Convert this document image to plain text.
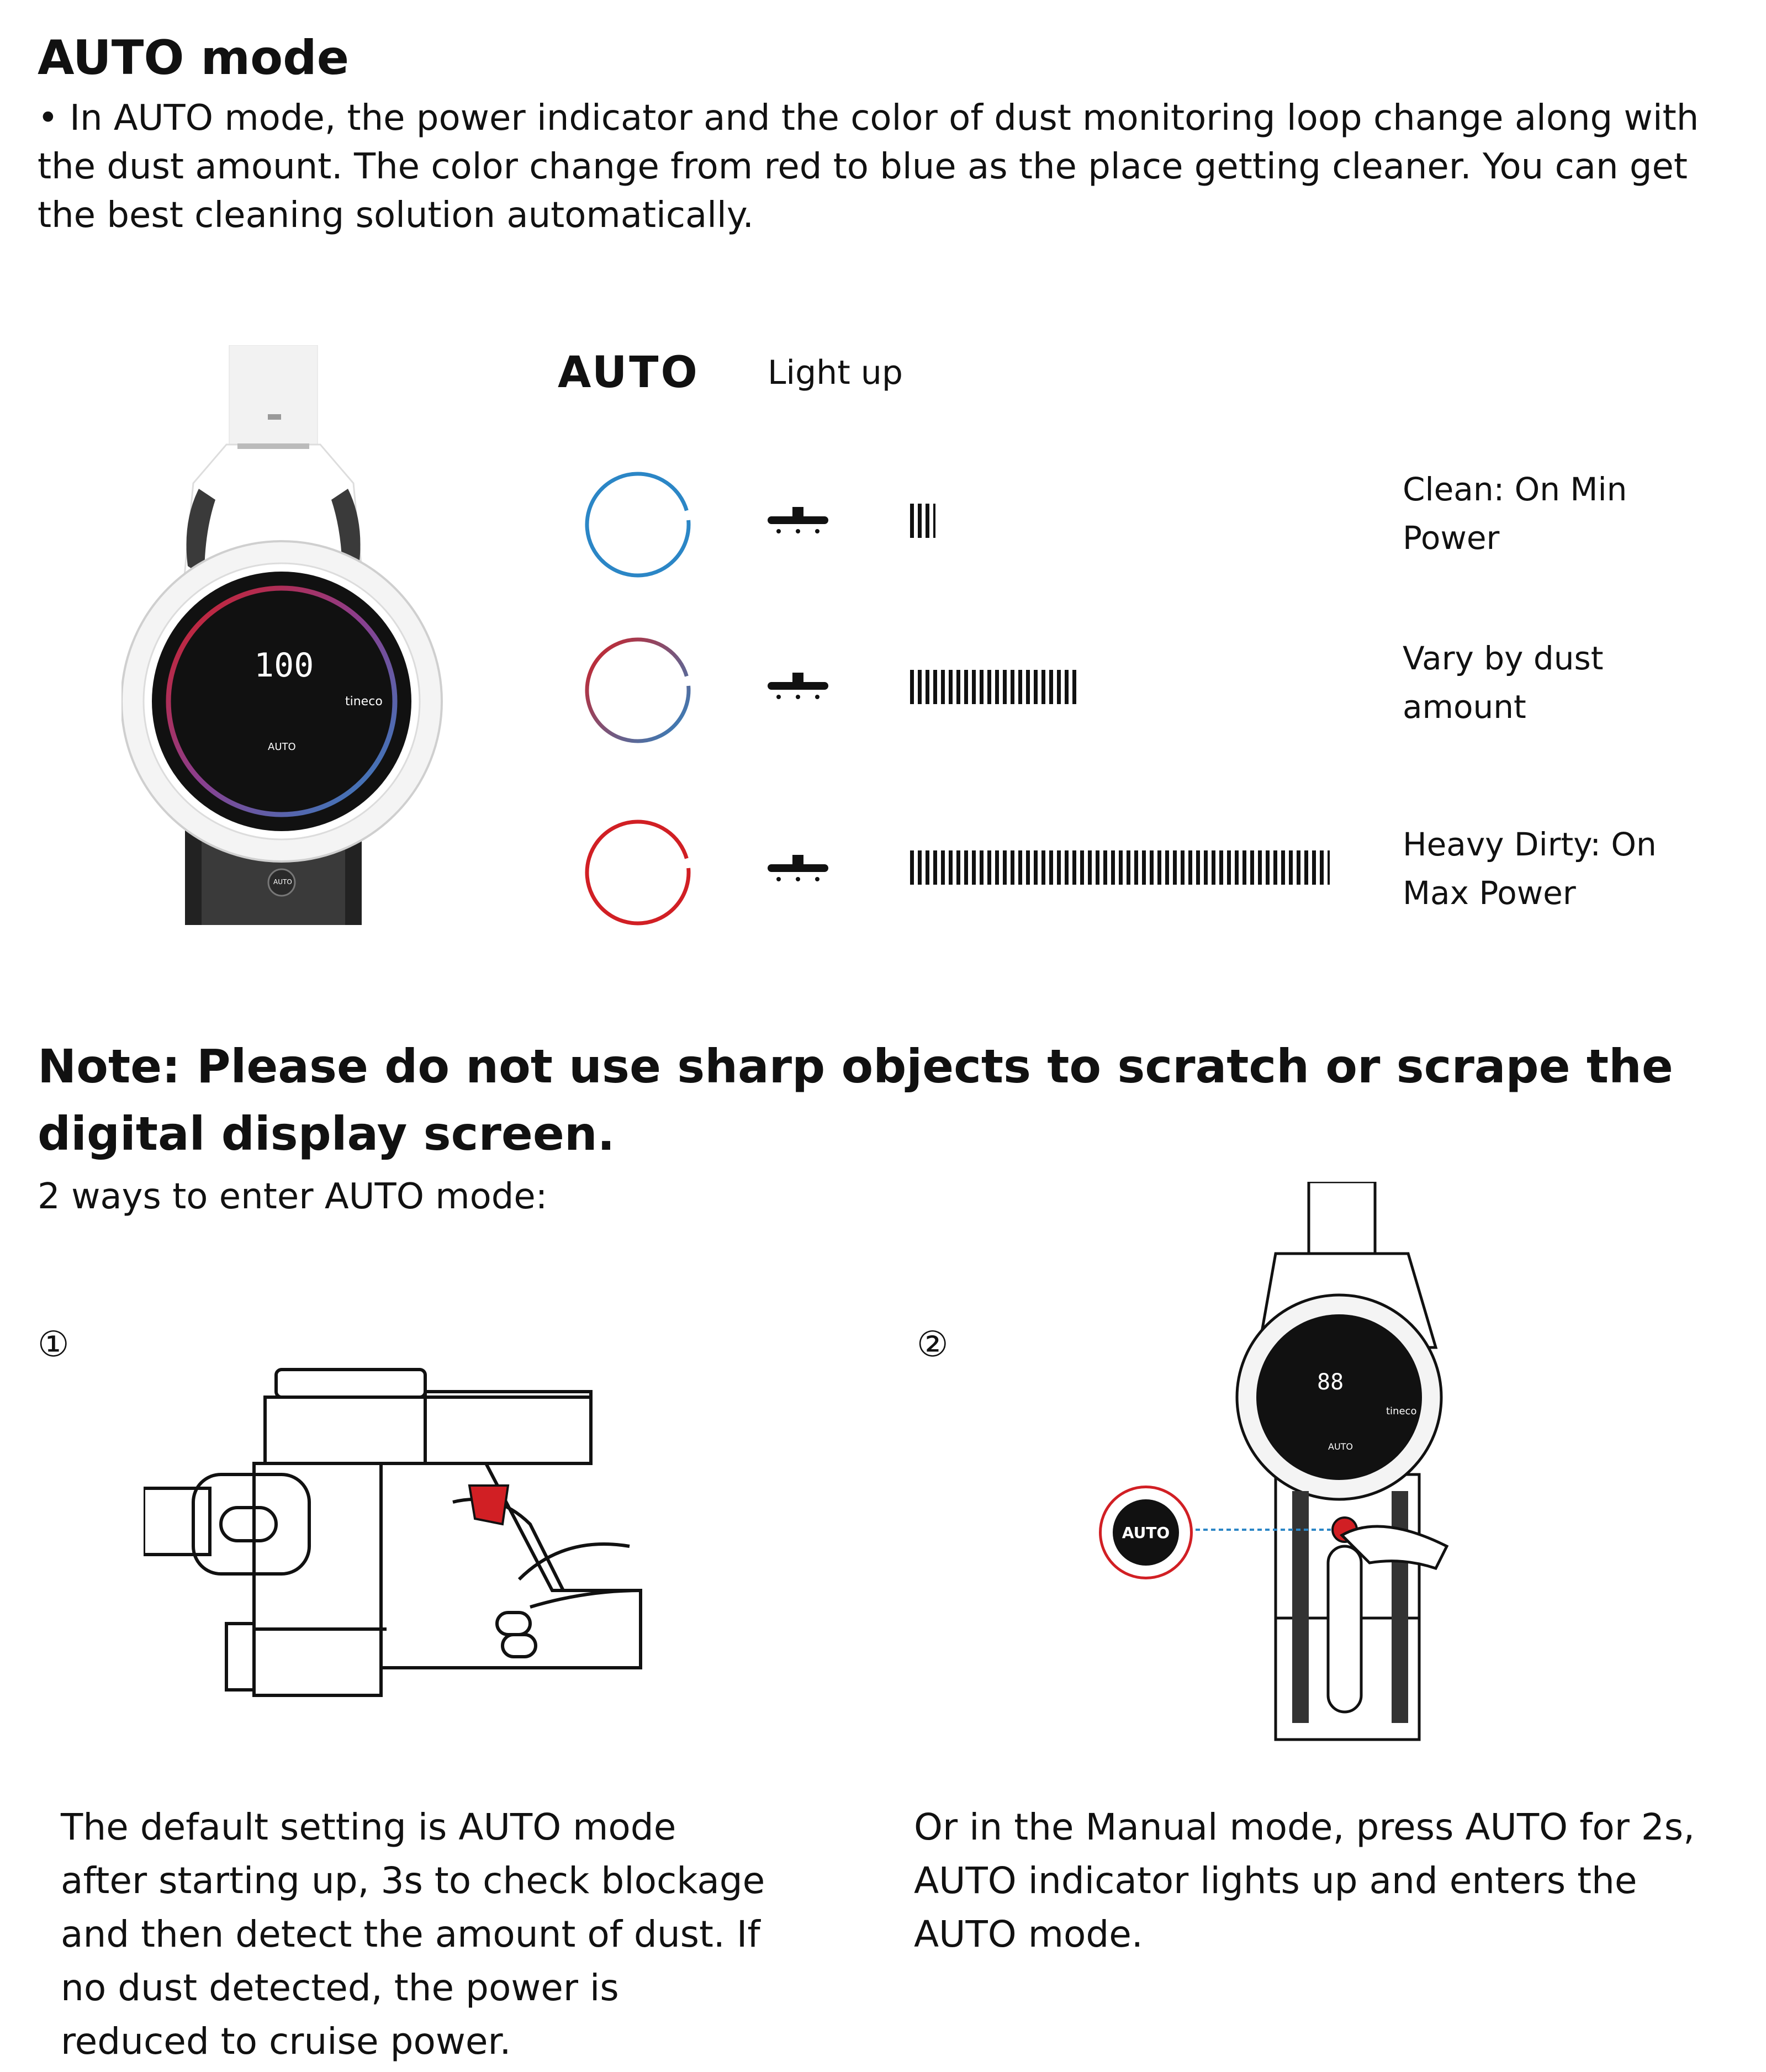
AUTO mode

• In AUTO mode, the power indicator and the color of dust monitoring loop change along with the dust amount. The color change from red to blue as the place getting cleaner. You can get the best cleaning solution automatically.

100
tineco
AUTO
AUTO
AUTO Light up
Clean: On Min Power
Vary by dust amount
Heavy Dirty: On Max Power

Note: Please do not use sharp objects to scratch or scrape the digital display screen.

2 ways to enter AUTO mode:
①	②
AUTO
88
tineco
AUTO

The default setting is AUTO mode after starting up, 3s to check blockage and then detect the amount of dust. If no dust detected, the power is reduced to cruise power.

Or in the Manual mode, press AUTO for 2s, AUTO indicator lights up and enters the AUTO mode.
